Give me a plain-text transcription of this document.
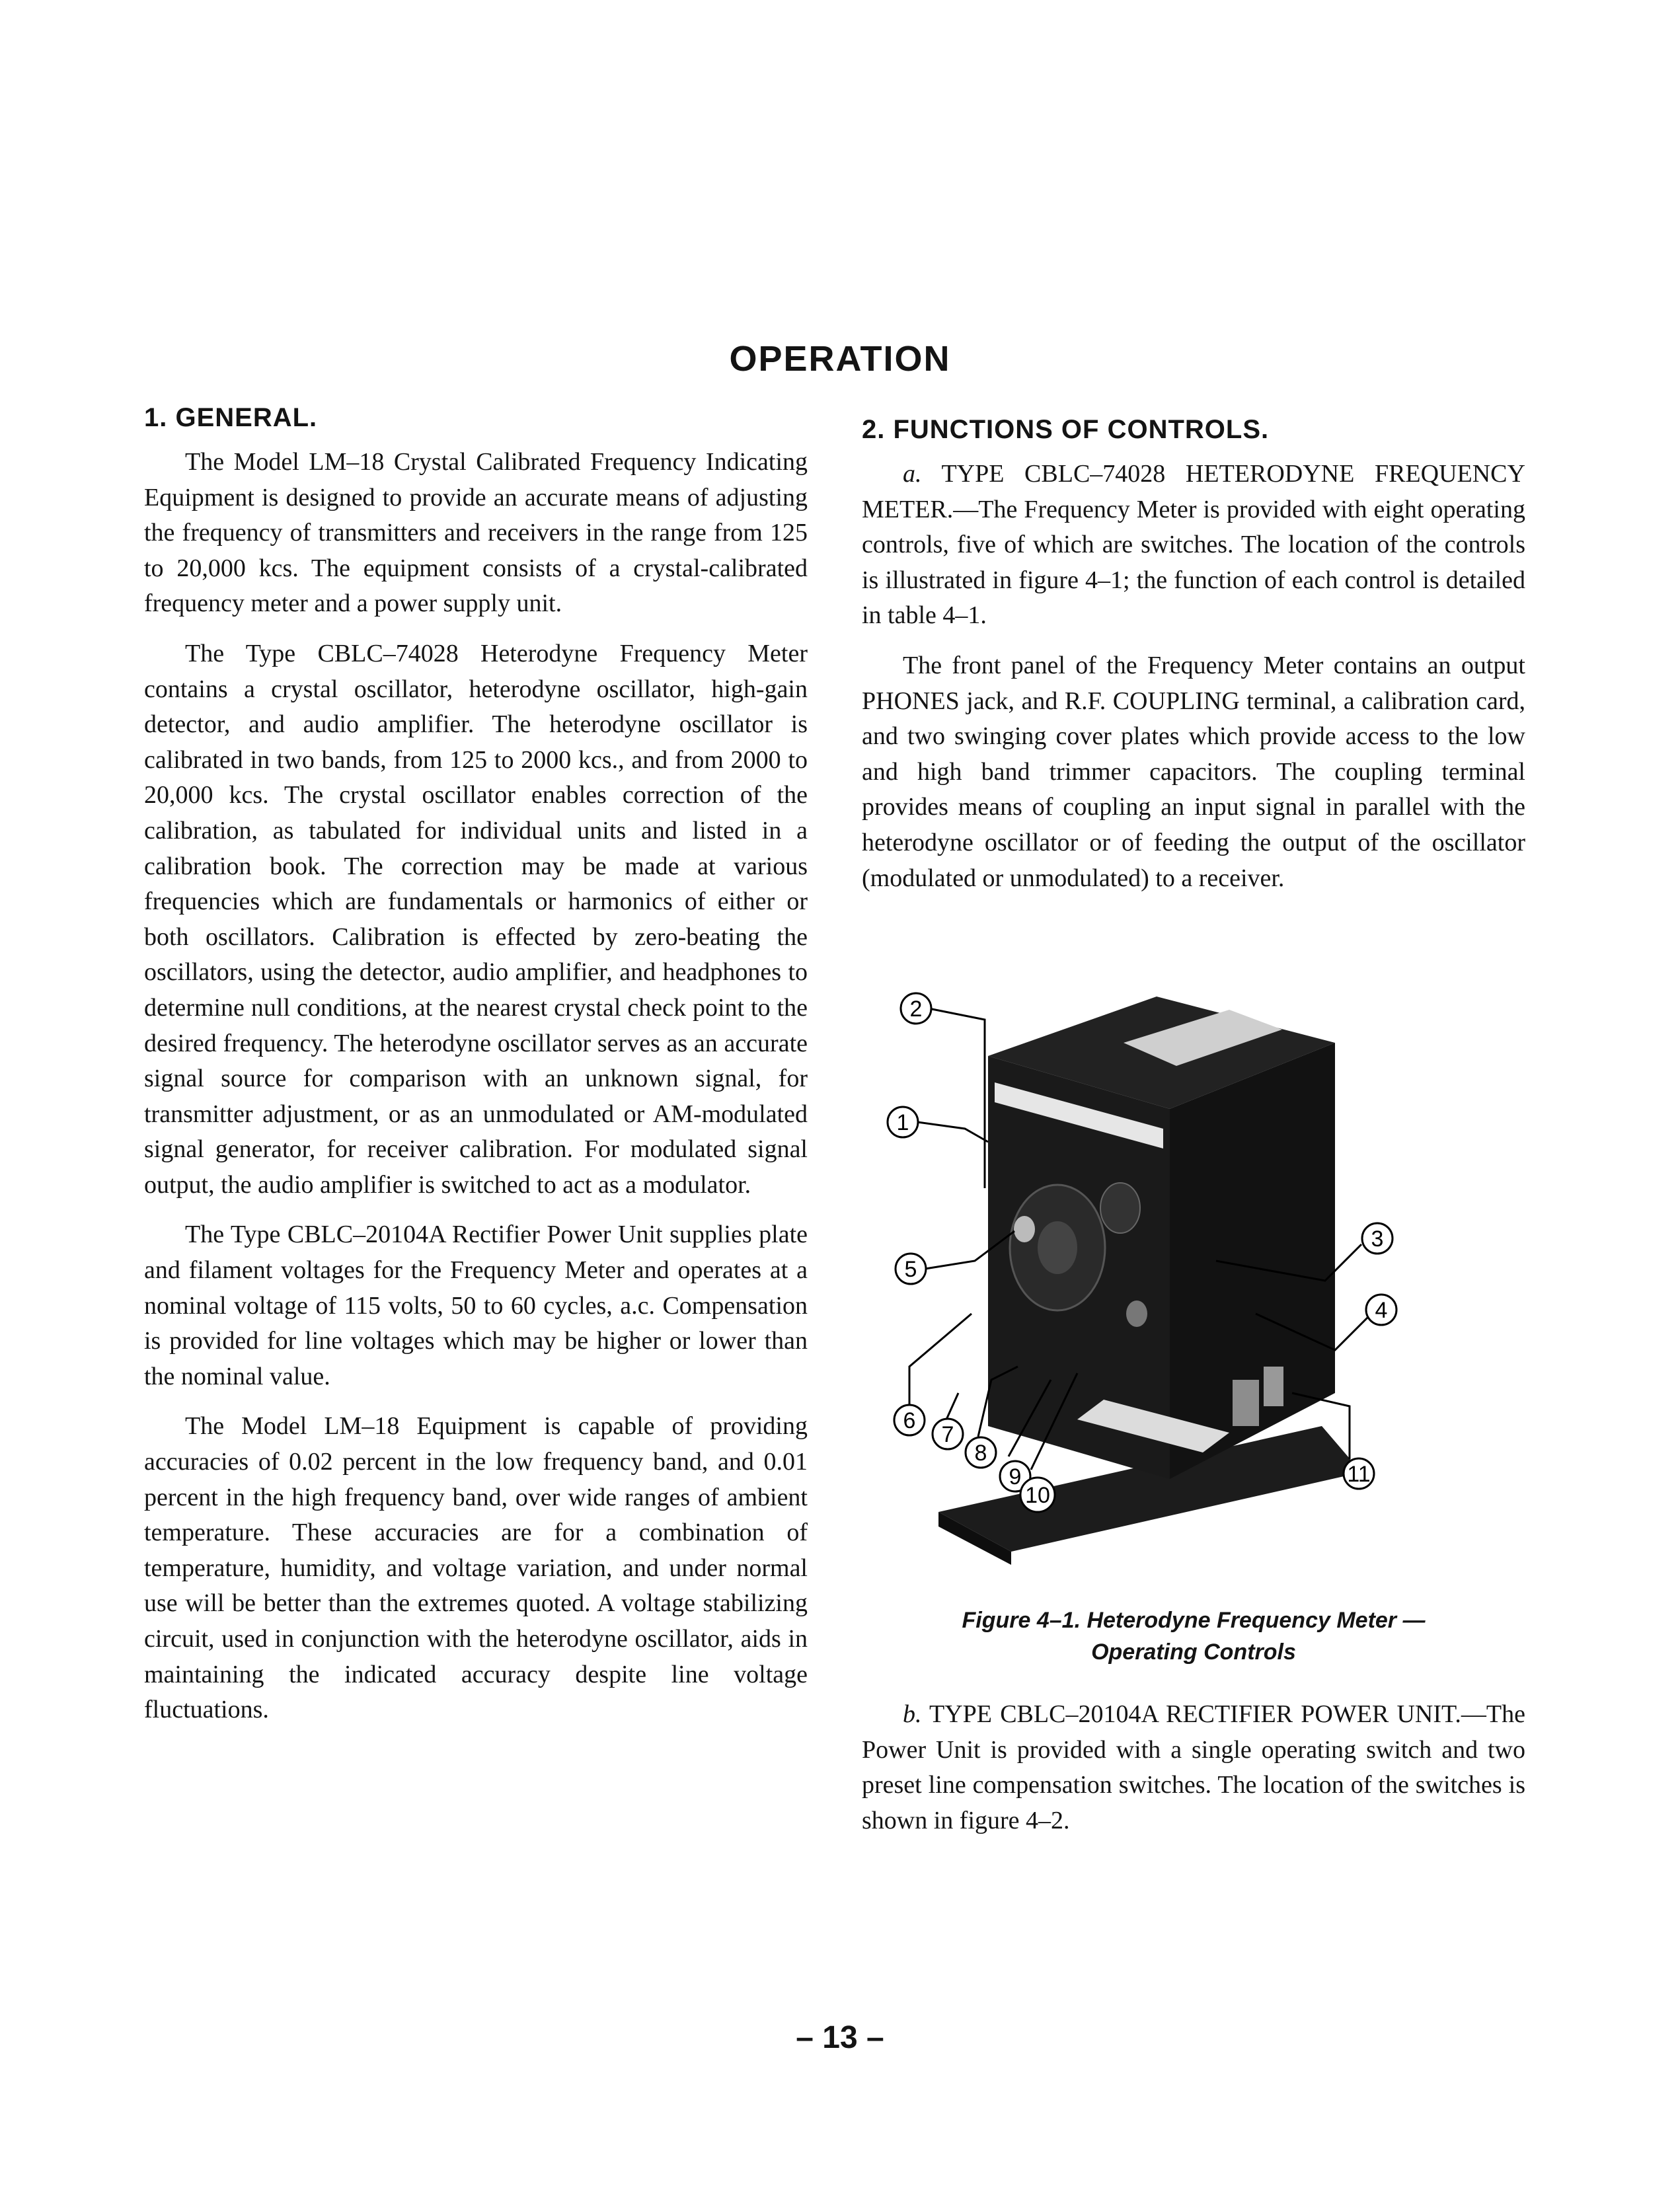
OPERATION
1. GENERAL.

The Model LM–18 Crystal Calibrated Frequency Indicating Equipment is designed to provide an accurate means of adjusting the frequency of transmitters and receivers in the range from 125 to 20,000 kcs. The equipment consists of a crystal-calibrated frequency meter and a power supply unit.

The Type CBLC–74028 Heterodyne Frequency Meter contains a crystal oscillator, heterodyne oscillator, high-gain detector, and audio amplifier. The heterodyne oscillator is calibrated in two bands, from 125 to 2000 kcs., and from 2000 to 20,000 kcs. The crystal oscillator enables correction of the calibration, as tabulated for individual units and listed in a calibration book. The correction may be made at various frequencies which are fundamentals or harmonics of either or both oscillators. Calibration is effected by zero-beating the oscillators, using the detector, audio amplifier, and headphones to determine null conditions, at the nearest crystal check point to the desired frequency. The heterodyne oscillator serves as an accurate signal source for comparison with an unknown signal, for transmitter adjustment, or as an unmodulated or AM-modulated signal generator, for receiver calibration. For modulated signal output, the audio amplifier is switched to act as a modulator.

The Type CBLC–20104A Rectifier Power Unit supplies plate and filament voltages for the Frequency Meter and operates at a nominal voltage of 115 volts, 50 to 60 cycles, a.c. Compensation is provided for line voltages which may be higher or lower than the nominal value.

The Model LM–18 Equipment is capable of providing accuracies of 0.02 percent in the low frequency band, and 0.01 percent in the high frequency band, over wide ranges of ambient temperature. These accuracies are for a combination of temperature, humidity, and voltage variation, and under normal use will be better than the extremes quoted. A voltage stabilizing circuit, used in conjunction with the heterodyne oscillator, aids in maintaining the indicated accuracy despite line voltage fluctuations.

2. FUNCTIONS OF CONTROLS.

a. TYPE CBLC–74028 HETERODYNE FREQUENCY METER.—The Frequency Meter is provided with eight operating controls, five of which are switches. The location of the controls is illustrated in figure 4–1; the function of each control is detailed in table 4–1.

The front panel of the Frequency Meter contains an output PHONES jack, and R.F. COUPLING terminal, a calibration card, and two swinging cover plates which provide access to the low and high band trimmer capacitors. The coupling terminal provides means of coupling an input signal in parallel with the heterodyne oscillator or of feeding the output of the oscillator (modulated or unmodulated) to a receiver.

2
1
3
4
5
6
7
8
9
10
11
Figure 4–1. Heterodyne Frequency Meter —
Operating Controls

b. TYPE CBLC–20104A RECTIFIER POWER UNIT.—The Power Unit is provided with a single operating switch and two preset line compensation switches. The location of the switches is shown in figure 4–2.

– 13 –
